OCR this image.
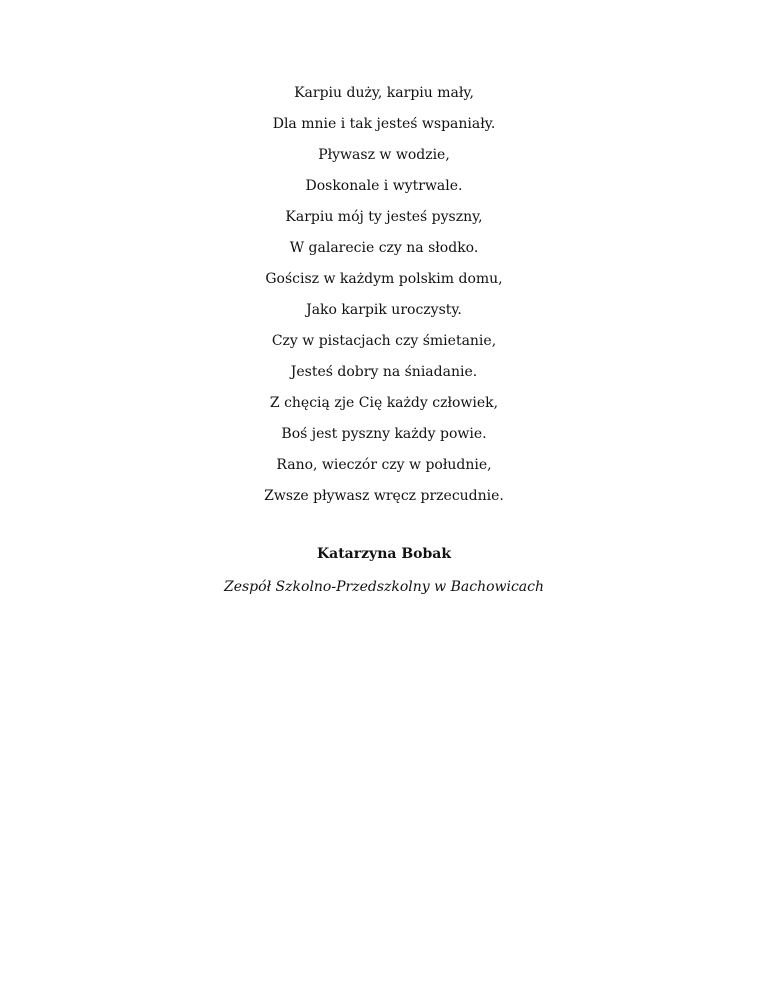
Karpiu duży, karpiu mały,
Dla mnie i tak jesteś wspaniały.
Pływasz w wodzie,
Doskonale i wytrwale.
Karpiu mój ty jesteś pyszny,
W galarecie czy na słodko.
Gościsz w każdym polskim domu,
Jako karpik uroczysty.
Czy w pistacjach czy śmietanie,
Jesteś dobry na śniadanie.
Z chęcią zje Cię każdy człowiek,
Boś jest pyszny każdy powie.
Rano, wieczór czy w południe,
Zwsze pływasz wręcz przecudnie.

Katarzyna Bobak

Zespół Szkolno-Przedszkolny w Bachowicach
